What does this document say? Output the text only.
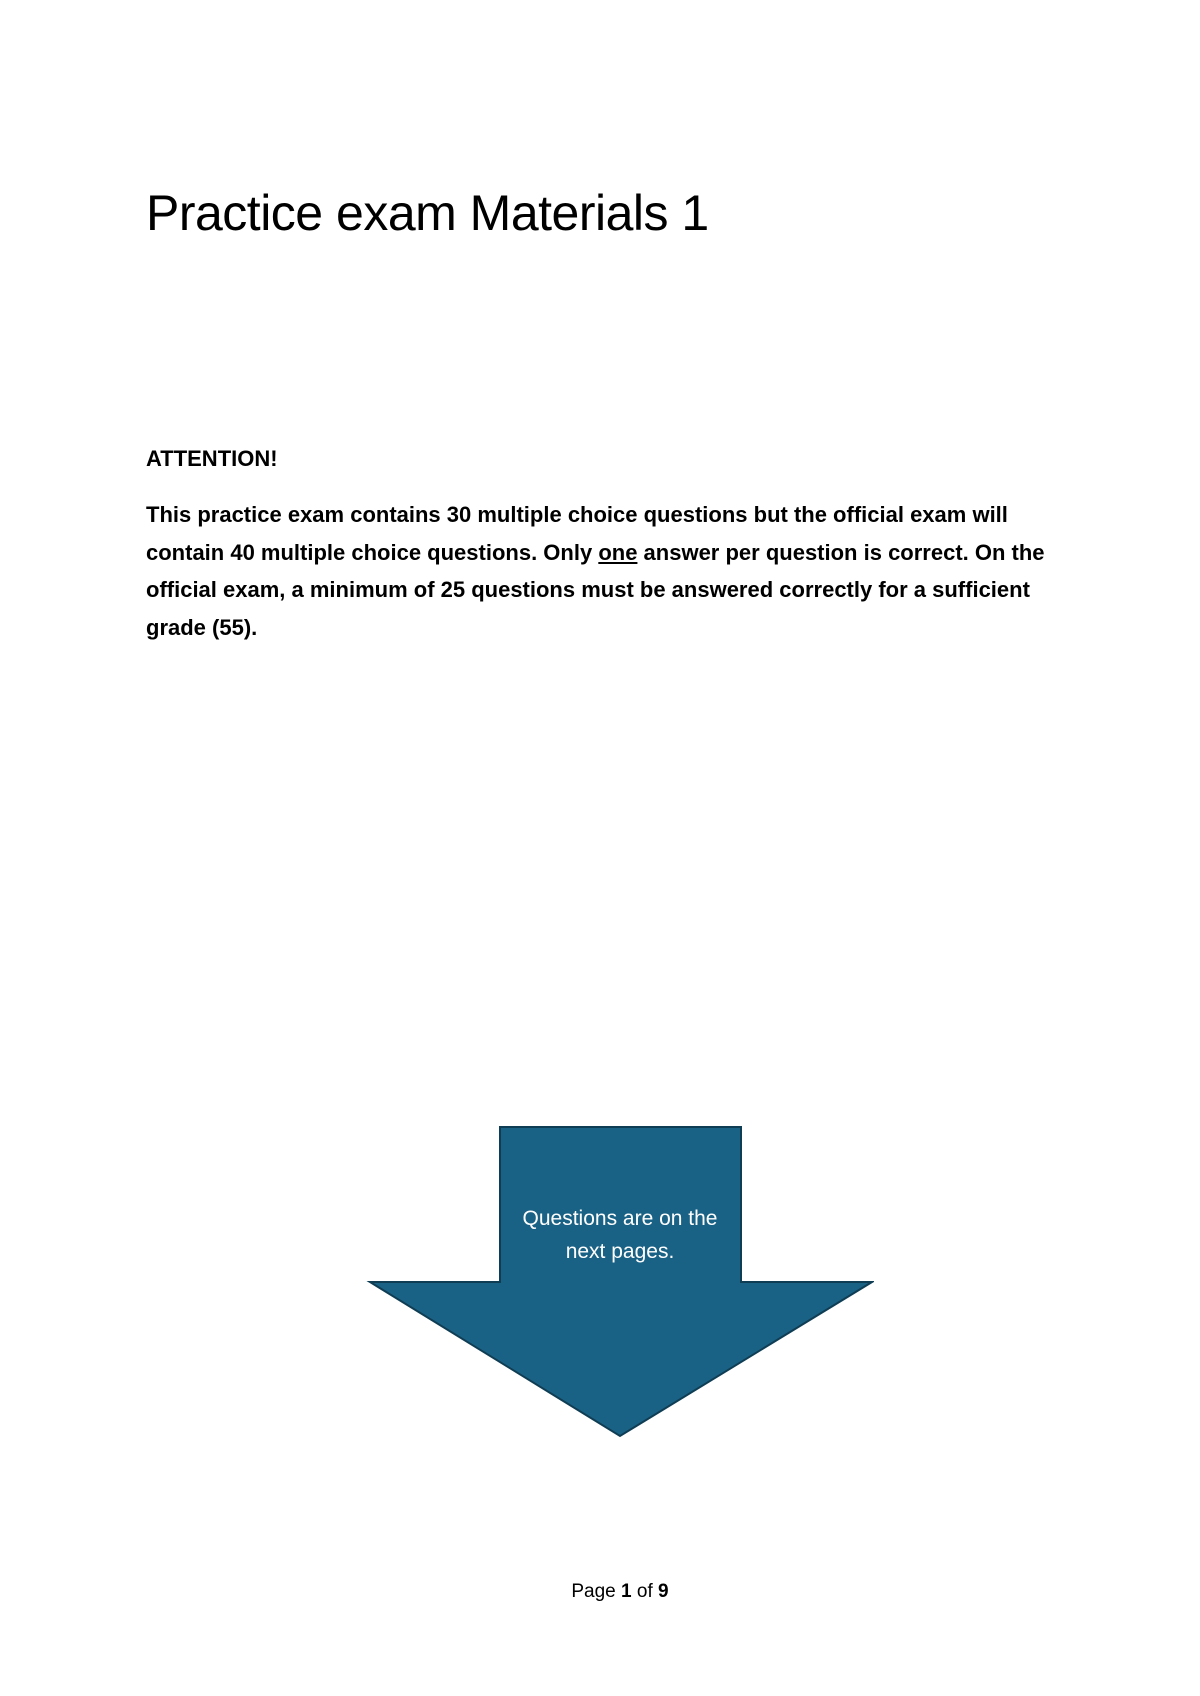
Practice exam Materials 1

ATTENTION!

This practice exam contains 30 multiple choice questions but the official exam will contain 40 multiple choice questions. Only one answer per question is correct. On the official exam, a minimum of 25 questions must be answered correctly for a sufficient grade (55).

Questions are on the next pages.
Page 1 of 9
